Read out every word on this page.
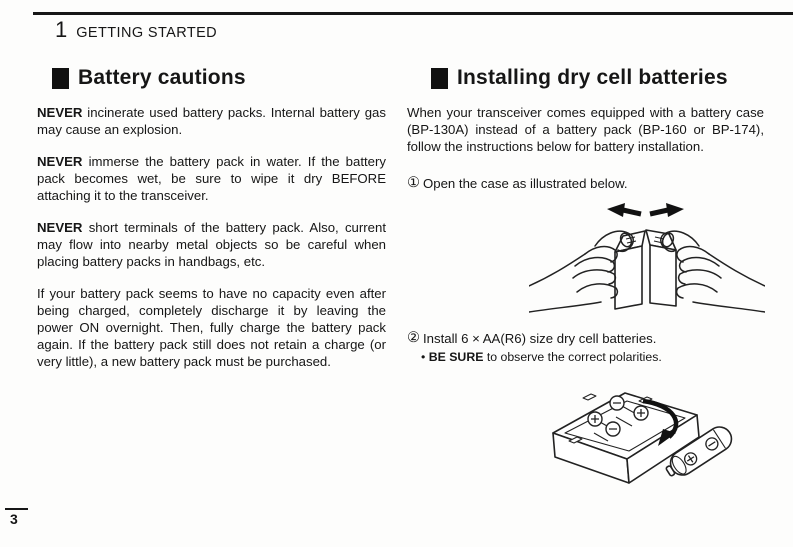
1 GETTING STARTED
Battery cautions

NEVER incinerate used battery packs. Internal battery gas may cause an explosion.

NEVER immerse the battery pack in water. If the battery pack becomes wet, be sure to wipe it dry BEFORE attaching it to the transceiver.

NEVER short terminals of the battery pack. Also, current may flow into nearby metal objects so be careful when placing battery packs in handbags, etc.

If your battery pack seems to have no capacity even after being charged, completely discharge it by leaving the power ON overnight. Then, fully charge the battery pack again. If the battery pack still does not retain a charge (or very little), a new battery pack must be purchased.

Installing dry cell batteries

When your transceiver comes equipped with a battery case (BP-130A) instead of a battery pack (BP-160 or BP-174), follow the instructions below for battery installation.

① Open the case as illustrated below.
② Install 6 × AA(R6) size dry cell batteries.
• BE SURE to observe the correct polarities.
3
